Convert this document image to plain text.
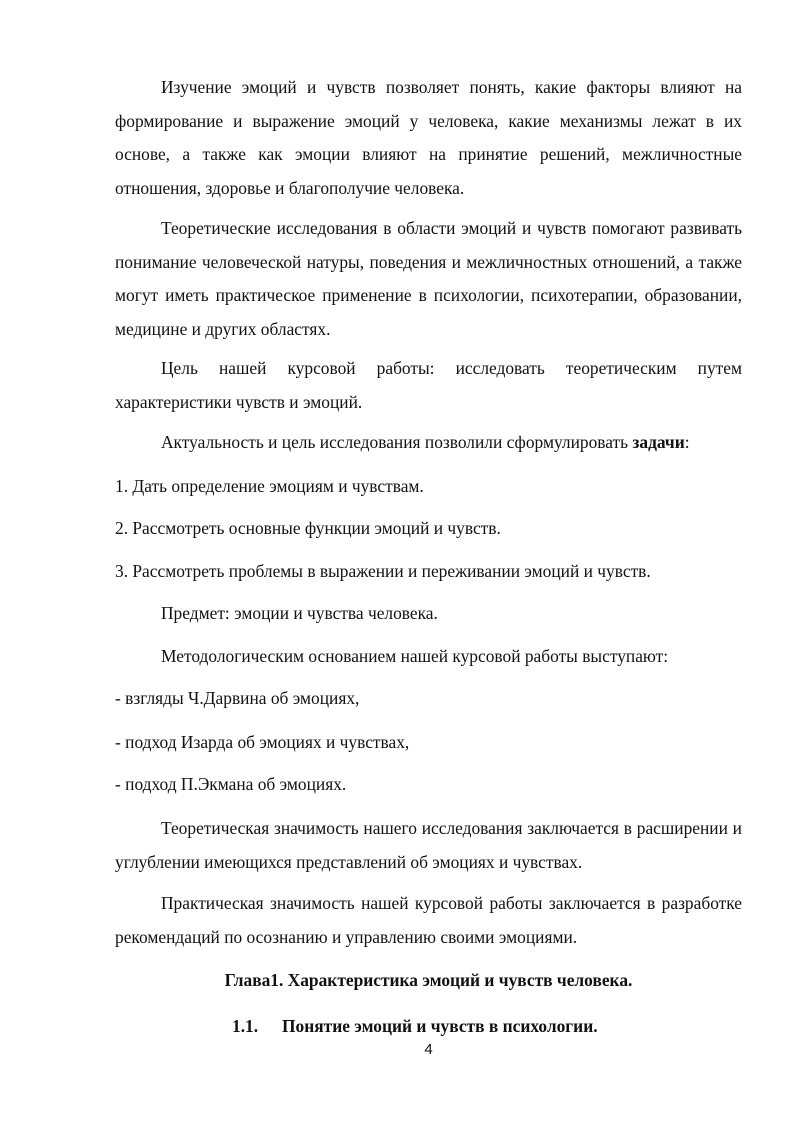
Изучение эмоций и чувств позволяет понять, какие факторы влияют на формирование и выражение эмоций у человека, какие механизмы лежат в их основе, а также как эмоции влияют на принятие решений, межличностные отношения, здоровье и благополучие человека.

Теоретические исследования в области эмоций и чувств помогают развивать понимание человеческой натуры, поведения и межличностных отношений, а также могут иметь практическое применение в психологии, психотерапии, образовании, медицине и других областях.

Цель нашей курсовой работы: исследовать теоретическим путем характеристики чувств и эмоций.

Актуальность и цель исследования позволили сформулировать задачи:

1. Дать определение эмоциям и чувствам.

2. Рассмотреть основные функции эмоций и чувств.

3. Рассмотреть проблемы в выражении и переживании эмоций и чувств.

Предмет: эмоции и чувства человека.

Методологическим основанием нашей курсовой работы выступают:

- взгляды Ч.Дарвина об эмоциях,

- подход Изарда об эмоциях и чувствах,

- подход П.Экмана об эмоциях.

Теоретическая значимость нашего исследования заключается в расширении и углублении имеющихся представлений об эмоциях и чувствах.

Практическая значимость нашей курсовой работы заключается в разработке рекомендаций по осознанию и управлению своими эмоциями.

Глава1. Характеристика эмоций и чувств человека.

1.1. Понятие эмоций и чувств в психологии.
4
